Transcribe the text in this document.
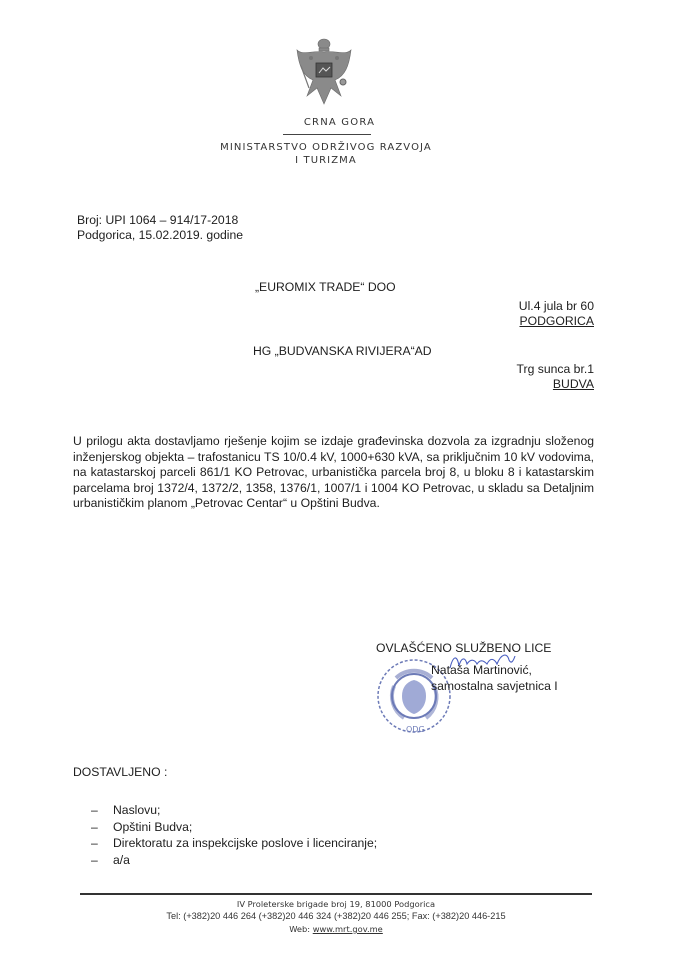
CRNA GORA
MINISTARSTVO ODRŽIVOG RAZVOJA
I TURIZMA
Broj: UPI 1064 – 914/17-2018
Podgorica, 15.02.2019. godine
„EUROMIX TRADE“ DOO
Ul.4 jula br 60
PODGORICA
HG „BUDVANSKA RIVIJERA“AD
Trg sunca br.1
BUDVA
U prilogu akta dostavljamo rješenje kojim se izdaje građevinska dozvola za izgradnju složenog inženjerskog objekta – trafostanicu TS 10/0.4 kV, 1000+630 kVA, sa priključnim 10 kV vodovima, na katastarskoj parceli 861/1 KO Petrovac, urbanistička parcela broj 8, u bloku 8 i katastarskim parcelama broj 1372/4, 1372/2, 1358, 1376/1, 1007/1 i 1004 KO Petrovac, u skladu sa Detaljnim urbanističkim planom „Petrovac Centar“ u Opštini Budva.
OVLAŠĆENO SLUŽBENO LICE
ODG
Nataša Martinović,
samostalna savjetnica I
DOSTAVLJENO :
– Naslovu;
– Opštini Budva;
– Direktoratu za inspekcijske poslove i licenciranje;
– a/a
IV Proleterske brigade broj 19, 81000 Podgorica
Tel: (+382)20 446 264 (+382)20 446 324 (+382)20 446 255; Fax: (+382)20 446-215
Web: www.mrt.gov.me
